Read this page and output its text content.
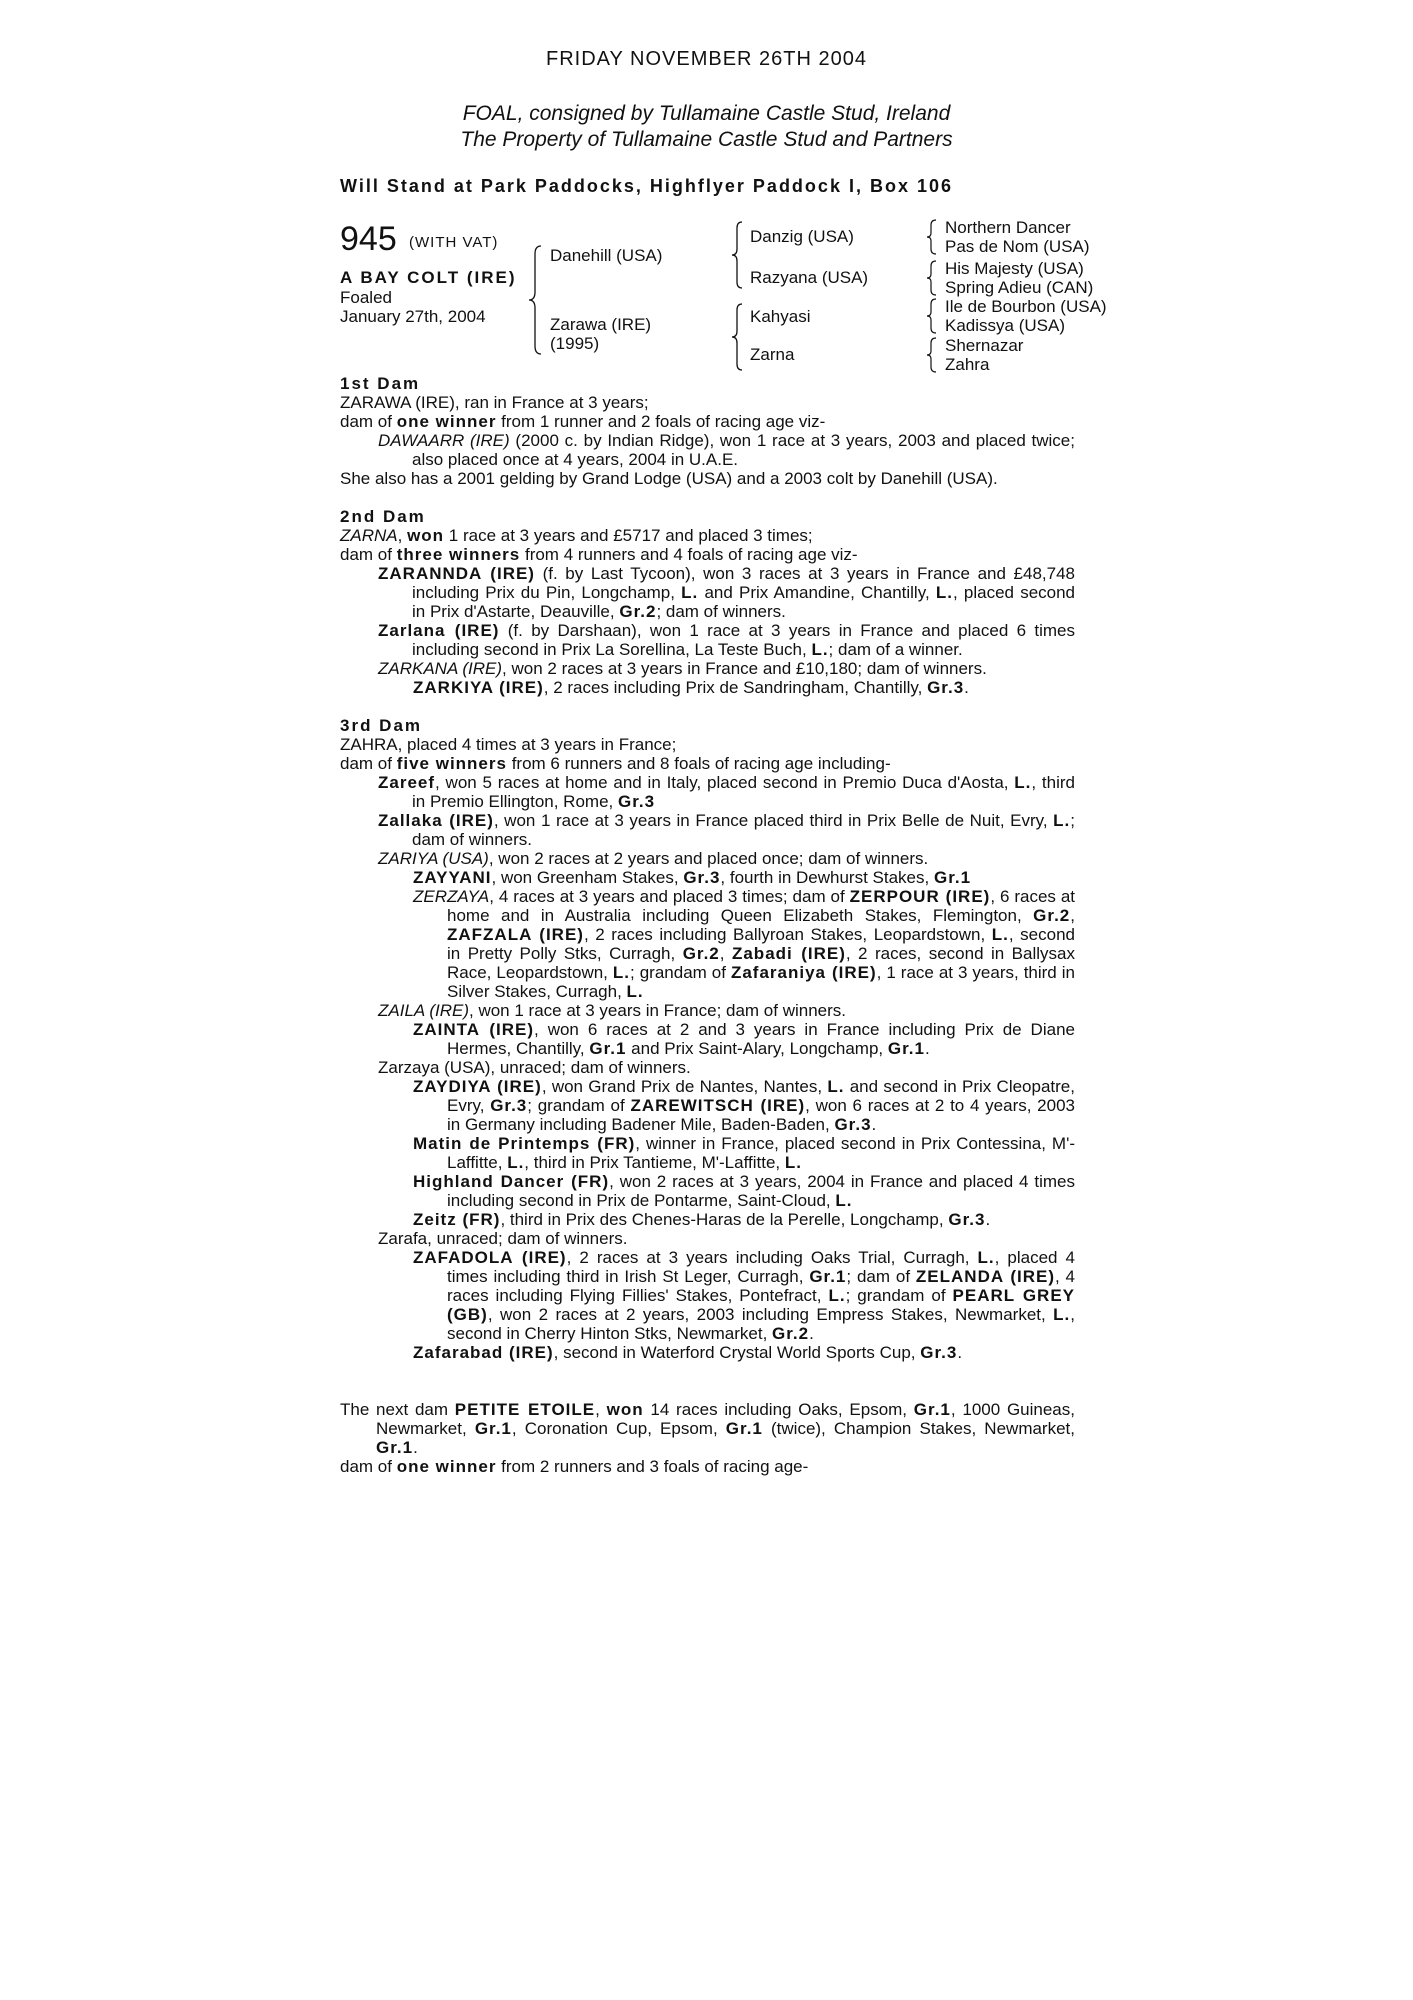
FRIDAY NOVEMBER 26TH 2004
FOAL, consigned by Tullamaine Castle Stud, Ireland
The Property of Tullamaine Castle Stud and Partners
Will Stand at Park Paddocks, Highflyer Paddock I, Box 106
945 (WITH VAT)
A BAY COLT (IRE)
Foaled
January 27th, 2004
Danehill (USA)
Zarawa (IRE)
(1995)
Danzig (USA)
Razyana (USA)
Kahyasi
Zarna
Northern Dancer
Pas de Nom (USA)
His Majesty (USA)
Spring Adieu (CAN)
Ile de Bourbon (USA)
Kadissya (USA)
Shernazar
Zahra

1st Dam

ZARAWA (IRE), ran in France at 3 years;

dam of one winner from 1 runner and 2 foals of racing age viz-

DAWAARR (IRE) (2000 c. by Indian Ridge), won 1 race at 3 years, 2003 and placed twice; also placed once at 4 years, 2004 in U.A.E.

She also has a 2001 gelding by Grand Lodge (USA) and a 2003 colt by Danehill (USA).

2nd Dam

ZARNA, won 1 race at 3 years and £5717 and placed 3 times;

dam of three winners from 4 runners and 4 foals of racing age viz-

ZARANNDA (IRE) (f. by Last Tycoon), won 3 races at 3 years in France and £48,748 including Prix du Pin, Longchamp, L. and Prix Amandine, Chantilly, L., placed second in Prix d'Astarte, Deauville, Gr.2; dam of winners.

Zarlana (IRE) (f. by Darshaan), won 1 race at 3 years in France and placed 6 times including second in Prix La Sorellina, La Teste Buch, L.; dam of a winner.

ZARKANA (IRE), won 2 races at 3 years in France and £10,180; dam of winners.

ZARKIYA (IRE), 2 races including Prix de Sandringham, Chantilly, Gr.3.

3rd Dam

ZAHRA, placed 4 times at 3 years in France;

dam of five winners from 6 runners and 8 foals of racing age including-

Zareef, won 5 races at home and in Italy, placed second in Premio Duca d'Aosta, L., third in Premio Ellington, Rome, Gr.3

Zallaka (IRE), won 1 race at 3 years in France placed third in Prix Belle de Nuit, Evry, L.; dam of winners.

ZARIYA (USA), won 2 races at 2 years and placed once; dam of winners.

ZAYYANI, won Greenham Stakes, Gr.3, fourth in Dewhurst Stakes, Gr.1

ZERZAYA, 4 races at 3 years and placed 3 times; dam of ZERPOUR (IRE), 6 races at home and in Australia including Queen Elizabeth Stakes, Flemington, Gr.2, ZAFZALA (IRE), 2 races including Ballyroan Stakes, Leopardstown, L., second in Pretty Polly Stks, Curragh, Gr.2, Zabadi (IRE), 2 races, second in Ballysax Race, Leopardstown, L.; grandam of Zafaraniya (IRE), 1 race at 3 years, third in Silver Stakes, Curragh, L.

ZAILA (IRE), won 1 race at 3 years in France; dam of winners.

ZAINTA (IRE), won 6 races at 2 and 3 years in France including Prix de Diane Hermes, Chantilly, Gr.1 and Prix Saint-Alary, Longchamp, Gr.1.

Zarzaya (USA), unraced; dam of winners.

ZAYDIYA (IRE), won Grand Prix de Nantes, Nantes, L. and second in Prix Cleopatre, Evry, Gr.3; grandam of ZAREWITSCH (IRE), won 6 races at 2 to 4 years, 2003 in Germany including Badener Mile, Baden-Baden, Gr.3.

Matin de Printemps (FR), winner in France, placed second in Prix Contessina, M'-Laffitte, L., third in Prix Tantieme, M'-Laffitte, L.

Highland Dancer (FR), won 2 races at 3 years, 2004 in France and placed 4 times including second in Prix de Pontarme, Saint-Cloud, L.

Zeitz (FR), third in Prix des Chenes-Haras de la Perelle, Longchamp, Gr.3.

Zarafa, unraced; dam of winners.

ZAFADOLA (IRE), 2 races at 3 years including Oaks Trial, Curragh, L., placed 4 times including third in Irish St Leger, Curragh, Gr.1; dam of ZELANDA (IRE), 4 races including Flying Fillies' Stakes, Pontefract, L.; grandam of PEARL GREY (GB), won 2 races at 2 years, 2003 including Empress Stakes, Newmarket, L., second in Cherry Hinton Stks, Newmarket, Gr.2.

Zafarabad (IRE), second in Waterford Crystal World Sports Cup, Gr.3.

The next dam PETITE ETOILE, won 14 races including Oaks, Epsom, Gr.1, 1000 Guineas, Newmarket, Gr.1, Coronation Cup, Epsom, Gr.1 (twice), Champion Stakes, Newmarket, Gr.1.

dam of one winner from 2 runners and 3 foals of racing age-
